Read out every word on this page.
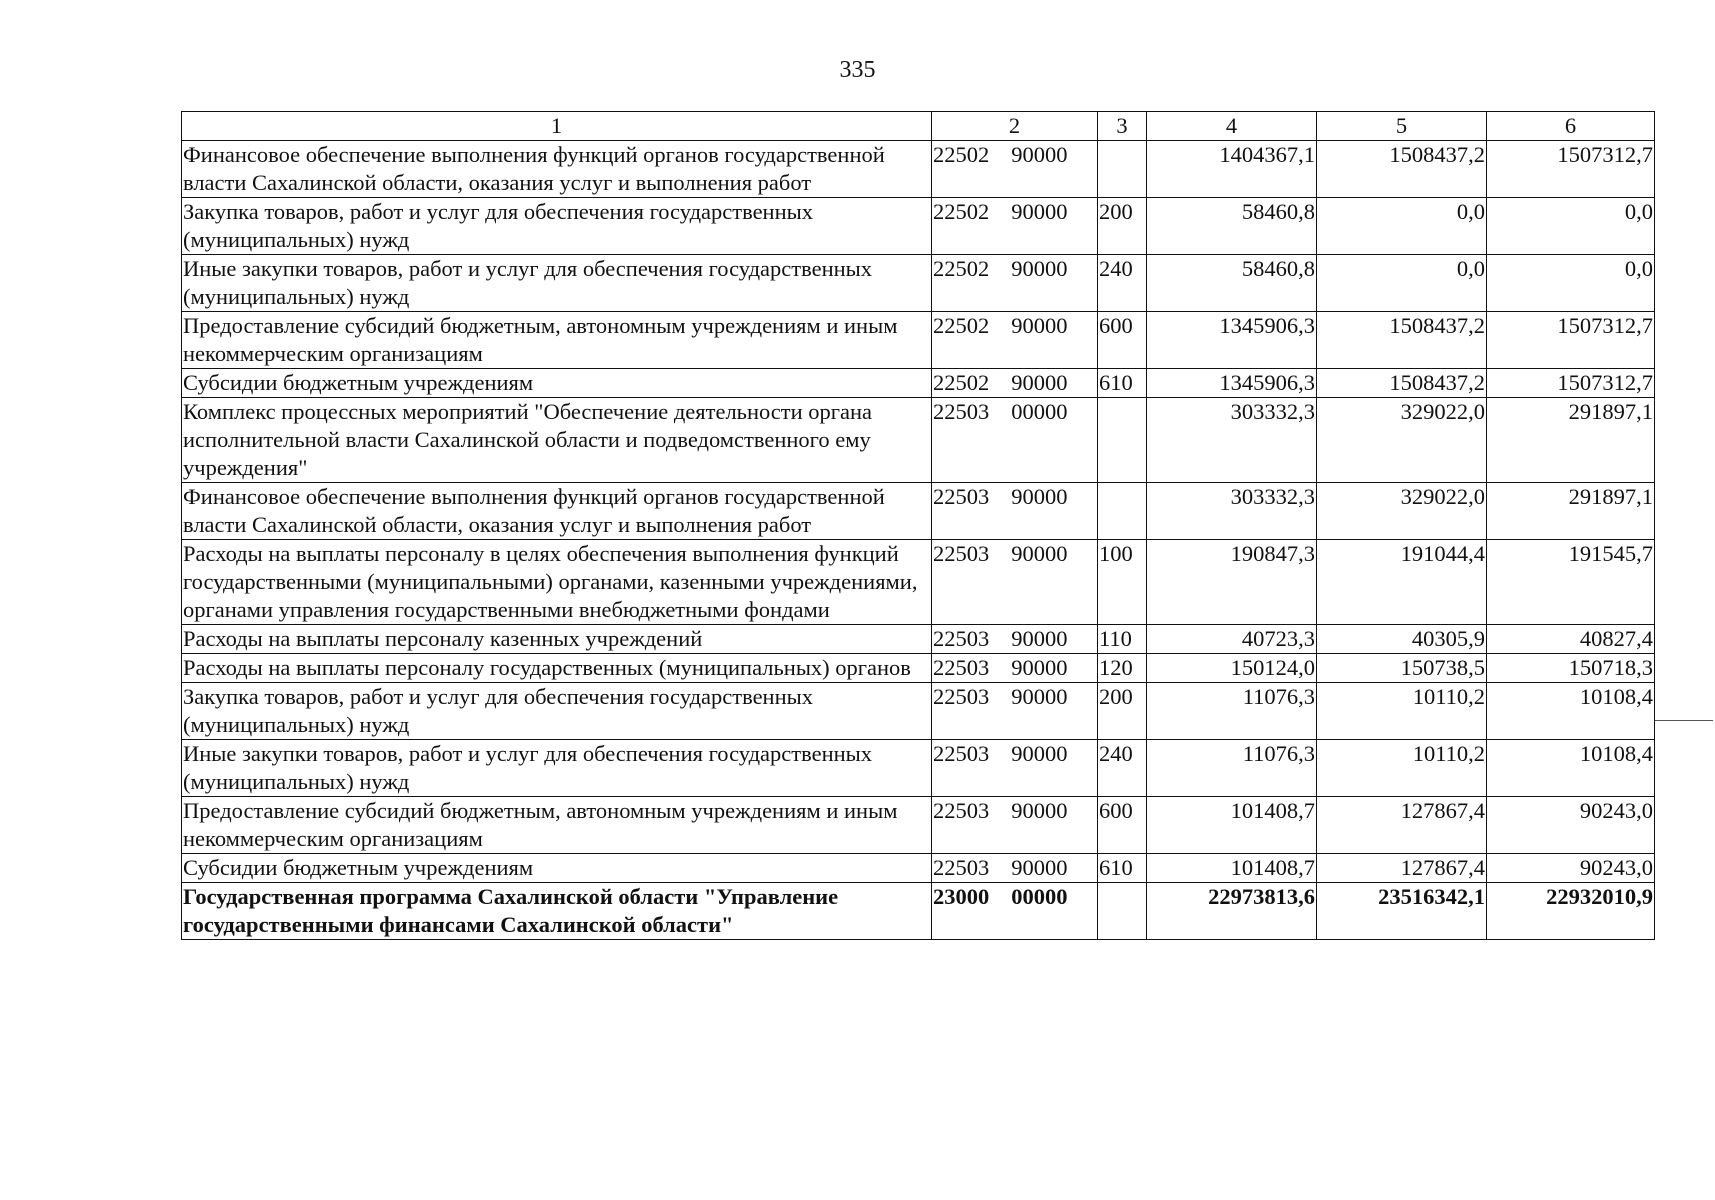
335
1	2	3	4	5	6
Финансовое обеспечение выполнения функций органов государственной власти Сахалинской области, оказания услуг и выполнения работ	22502 90000		1404367,1	1508437,2	1507312,7
Закупка товаров, работ и услуг для обеспечения государственных (муниципальных) нужд	22502 90000	200	58460,8	0,0	0,0
Иные закупки товаров, работ и услуг для обеспечения государственных (муниципальных) нужд	22502 90000	240	58460,8	0,0	0,0
Предоставление субсидий бюджетным, автономным учреждениям и иным некоммерческим организациям	22502 90000	600	1345906,3	1508437,2	1507312,7
Субсидии бюджетным учреждениям	22502 90000	610	1345906,3	1508437,2	1507312,7
Комплекс процессных мероприятий "Обеспечение деятельности органа исполнительной власти Сахалинской области и подведомственного ему учреждения"	22503 00000		303332,3	329022,0	291897,1
Финансовое обеспечение выполнения функций органов государственной власти Сахалинской области, оказания услуг и выполнения работ	22503 90000		303332,3	329022,0	291897,1
Расходы на выплаты персоналу в целях обеспечения выполнения функций государственными (муниципальными) органами, казенными учреждениями, органами управления государственными внебюджетными фондами	22503 90000	100	190847,3	191044,4	191545,7
Расходы на выплаты персоналу казенных учреждений	22503 90000	110	40723,3	40305,9	40827,4
Расходы на выплаты персоналу государственных (муниципальных) органов	22503 90000	120	150124,0	150738,5	150718,3
Закупка товаров, работ и услуг для обеспечения государственных (муниципальных) нужд	22503 90000	200	11076,3	10110,2	10108,4
Иные закупки товаров, работ и услуг для обеспечения государственных (муниципальных) нужд	22503 90000	240	11076,3	10110,2	10108,4
Предоставление субсидий бюджетным, автономным учреждениям и иным некоммерческим организациям	22503 90000	600	101408,7	127867,4	90243,0
Субсидии бюджетным учреждениям	22503 90000	610	101408,7	127867,4	90243,0
Государственная программа Сахалинской области "Управление государственными финансами Сахалинской области"	23000 00000		22973813,6	23516342,1	22932010,9
